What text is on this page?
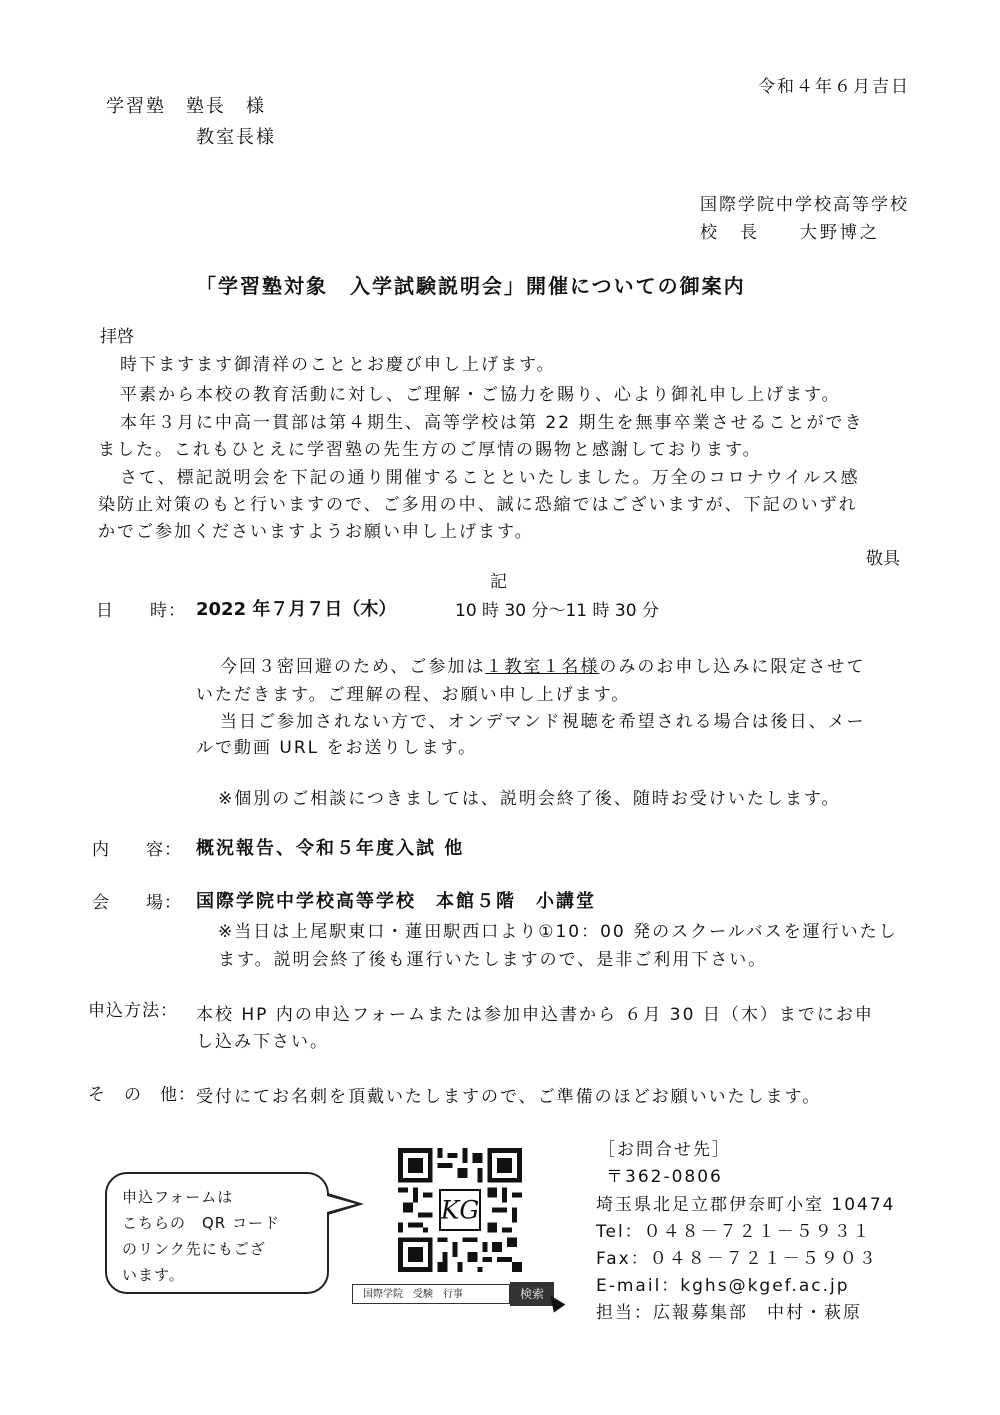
令和４年６月吉日
学習塾　塾長　様
教室長様
国際学院中学校高等学校
校　長　　大野博之
「学習塾対象　入学試験説明会」開催についての御案内
拝啓
時下ますます御清祥のこととお慶び申し上げます。
平素から本校の教育活動に対し、ご理解・ご協力を賜り、心より御礼申し上げます。
本年３月に中高一貫部は第４期生、高等学校は第 22 期生を無事卒業させることができ
ました。これもひとえに学習塾の先生方のご厚情の賜物と感謝しております。
さて、標記説明会を下記の通り開催することといたしました。万全のコロナウイルス感
染防止対策のもと行いますので、ご多用の中、誠に恐縮ではございますが、下記のいずれ
かでご参加くださいますようお願い申し上げます。
敬具
記
日　　時： 2022 年７月７日（木）	10 時 30 分～11 時 30 分
今回３密回避のため、ご参加は１教室１名様のみのお申し込みに限定させて
いただきます。ご理解の程、お願い申し上げます。
当日ご参加されない方で、オンデマンド視聴を希望される場合は後日、メー
ルで動画 URL をお送りします。
※個別のご相談につきましては、説明会終了後、随時お受けいたします。
内　　容： 概況報告、令和５年度入試 他
会　　場： 国際学院中学校高等学校　本館５階　小講堂
※当日は上尾駅東口・蓮田駅西口より①10：00 発のスクールバスを運行いたし
ます。説明会終了後も運行いたしますので、是非ご利用下さい。
申込方法： 本校 HP 内の申込フォームまたは参加申込書から ６月 30 日（木）までにお申
し込み下さい。
そ　の　他： 受付にてお名刺を頂戴いたしますので、ご準備のほどお願いいたします。
申込フォームは
こちらの　QR コード
のリンク先にもござ
います。
KG
国際学院　受験　行事	検索
［お問合せ先］
〒362-0806
埼玉県北足立郡伊奈町小室 10474
Tel：０４８－７２１－５９３１
Fax：０４８－７２１－５９０３
E-mail：kghs@kgef.ac.jp
担当：広報募集部　中村・萩原
